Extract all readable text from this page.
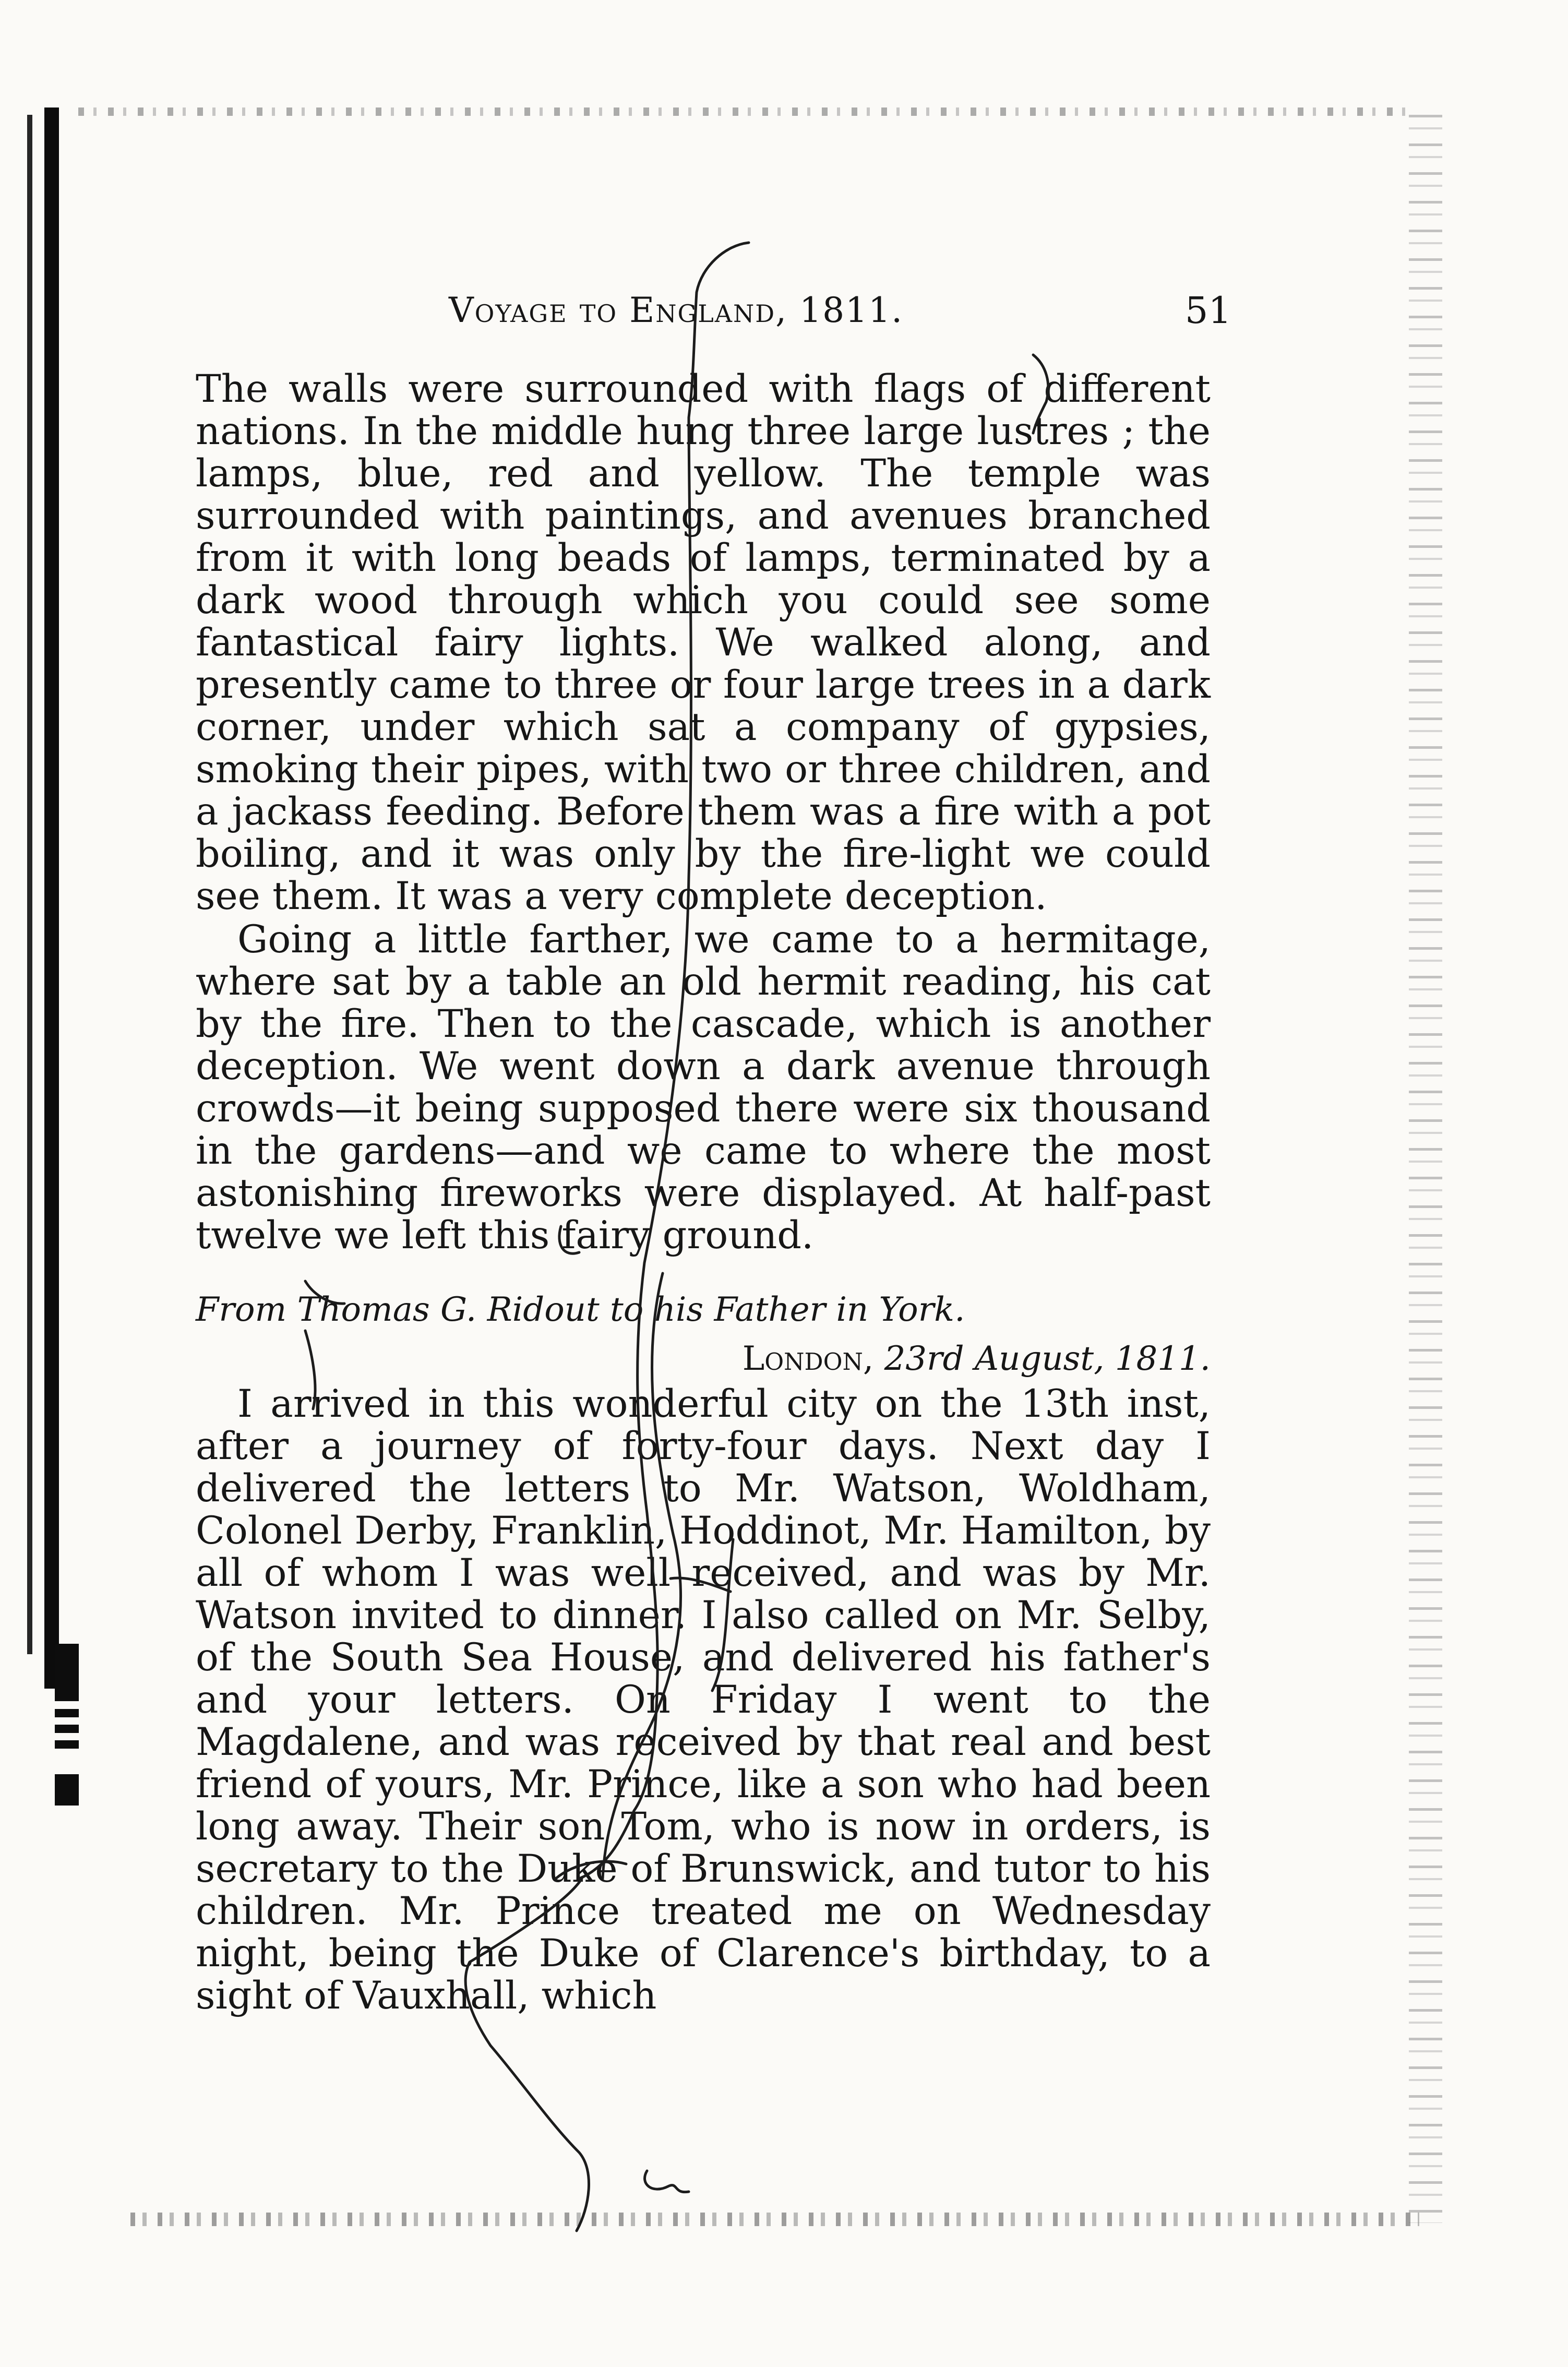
Voyage to England, 1811.	51

The walls were surrounded with flags of different nations. In the middle hung three large lustres ; the lamps, blue, red and yellow. The temple was surrounded with paintings, and avenues branched from it with long beads of lamps, terminated by a dark wood through which you could see some fantastical fairy lights. We walked along, and presently came to three or four large trees in a dark corner, under which sat a company of gypsies, smoking their pipes, with two or three children, and a jackass feeding. Before them was a fire with a pot boiling, and it was only by the fire-light we could see them. It was a very complete deception.

Going a little farther, we came to a hermitage, where sat by a table an old hermit reading, his cat by the fire. Then to the cascade, which is another deception. We went down a dark avenue through crowds—it being supposed there were six thousand in the gardens—and we came to where the most astonishing fireworks were displayed. At half-past twelve we left this fairy ground.

From Thomas G. Ridout to his Father in York.

London, 23rd August, 1811.

I arrived in this wonderful city on the 13th inst, after a journey of forty-four days. Next day I delivered the letters to Mr. Watson, Woldham, Colonel Derby, Franklin, Hoddinot, Mr. Hamilton, by all of whom I was well received, and was by Mr. Watson invited to dinner. I also called on Mr. Selby, of the South Sea House, and delivered his father's and your letters. On Friday I went to the Magdalene, and was received by that real and best friend of yours, Mr. Prince, like a son who had been long away. Their son Tom, who is now in orders, is secretary to the Duke of Brunswick, and tutor to his children. Mr. Prince treated me on Wednesday night, being the Duke of Clarence's birthday, to a sight of Vauxhall, which
